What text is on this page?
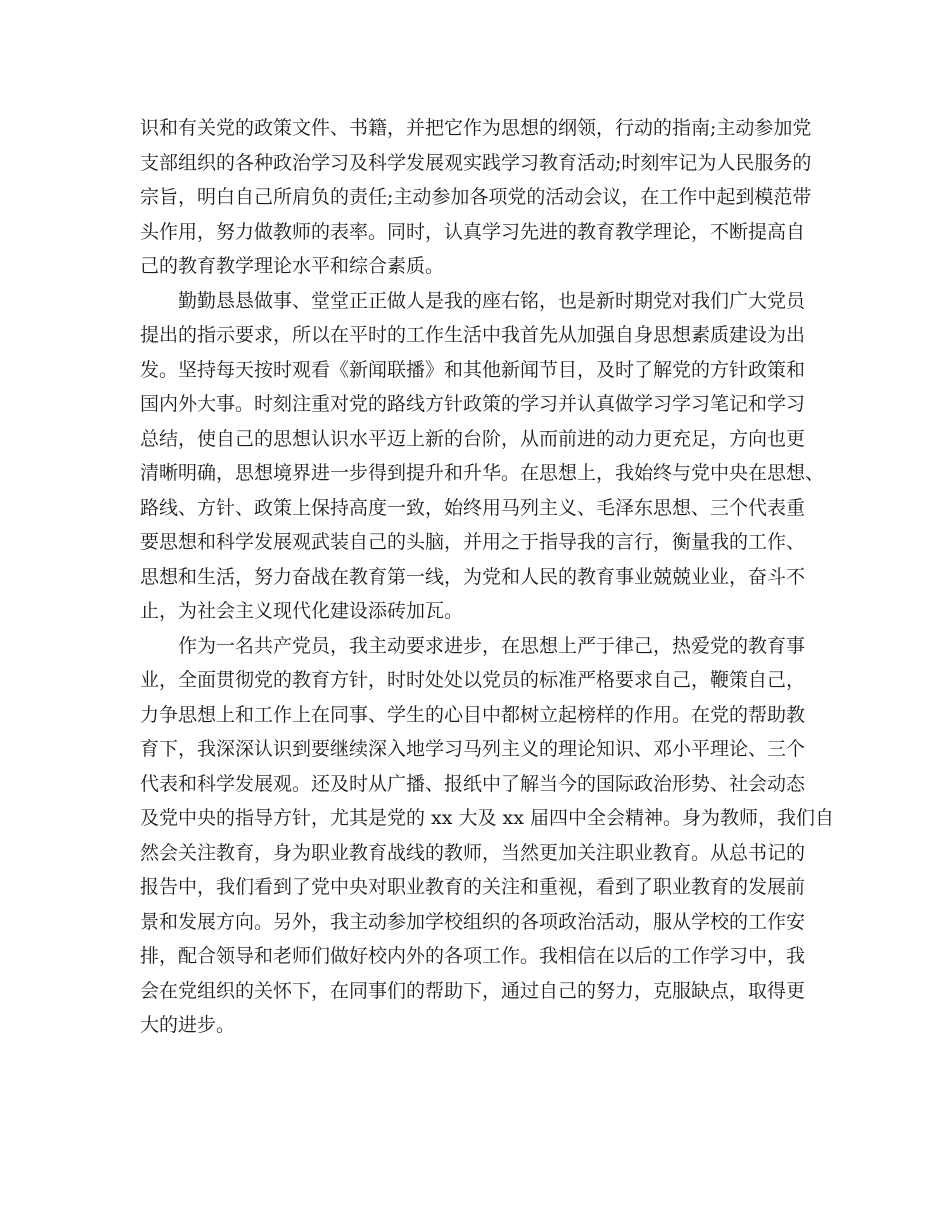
识和有关党的政策文件、书籍，并把它作为思想的纲领，行动的指南;主动参加党
支部组织的各种政治学习及科学发展观实践学习教育活动;时刻牢记为人民服务的
宗旨，明白自己所肩负的责任;主动参加各项党的活动会议，在工作中起到模范带
头作用，努力做教师的表率。同时，认真学习先进的教育教学理论，不断提高自
己的教育教学理论水平和综合素质。
勤勤恳恳做事、堂堂正正做人是我的座右铭，也是新时期党对我们广大党员
提出的指示要求，所以在平时的工作生活中我首先从加强自身思想素质建设为出
发。坚持每天按时观看《新闻联播》和其他新闻节目，及时了解党的方针政策和
国内外大事。时刻注重对党的路线方针政策的学习并认真做学习学习笔记和学习
总结，使自己的思想认识水平迈上新的台阶，从而前进的动力更充足，方向也更
清晰明确，思想境界进一步得到提升和升华。在思想上，我始终与党中央在思想、
路线、方针、政策上保持高度一致，始终用马列主义、毛泽东思想、三个代表重
要思想和科学发展观武装自己的头脑，并用之于指导我的言行，衡量我的工作、
思想和生活，努力奋战在教育第一线，为党和人民的教育事业兢兢业业，奋斗不
止，为社会主义现代化建设添砖加瓦。
作为一名共产党员，我主动要求进步，在思想上严于律己，热爱党的教育事
业，全面贯彻党的教育方针，时时处处以党员的标准严格要求自己，鞭策自己，
力争思想上和工作上在同事、学生的心目中都树立起榜样的作用。在党的帮助教
育下，我深深认识到要继续深入地学习马列主义的理论知识、邓小平理论、三个
代表和科学发展观。还及时从广播、报纸中了解当今的国际政治形势、社会动态
及党中央的指导方针，尤其是党的 xx 大及 xx 届四中全会精神。身为教师，我们自
然会关注教育，身为职业教育战线的教师，当然更加关注职业教育。从总书记的
报告中，我们看到了党中央对职业教育的关注和重视，看到了职业教育的发展前
景和发展方向。另外，我主动参加学校组织的各项政治活动，服从学校的工作安
排，配合领导和老师们做好校内外的各项工作。我相信在以后的工作学习中，我
会在党组织的关怀下，在同事们的帮助下，通过自己的努力，克服缺点，取得更
大的进步。
